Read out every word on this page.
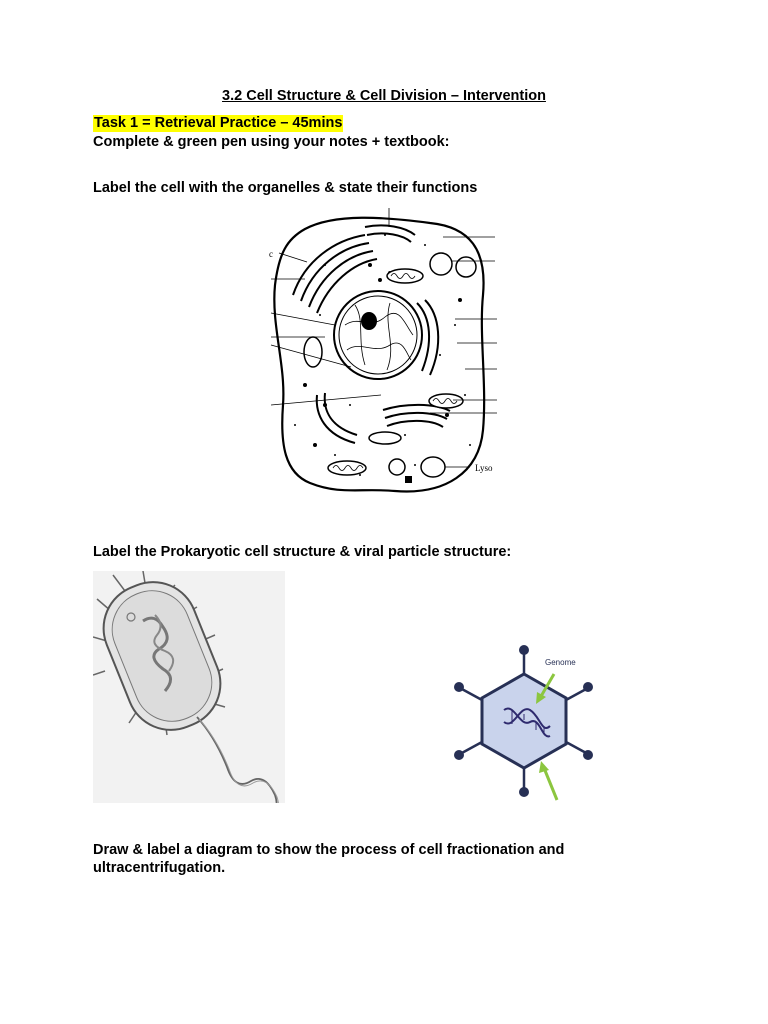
3.2 Cell Structure & Cell Division – Intervention
Task 1 = Retrieval Practice – 45mins
Complete & green pen using your notes + textbook:
Label the cell with the organelles & state their functions
c
Lyso
Label the Prokaryotic cell structure & viral particle structure:
Genome
Draw & label a diagram to show the process of cell fractionation and ultracentrifugation.
